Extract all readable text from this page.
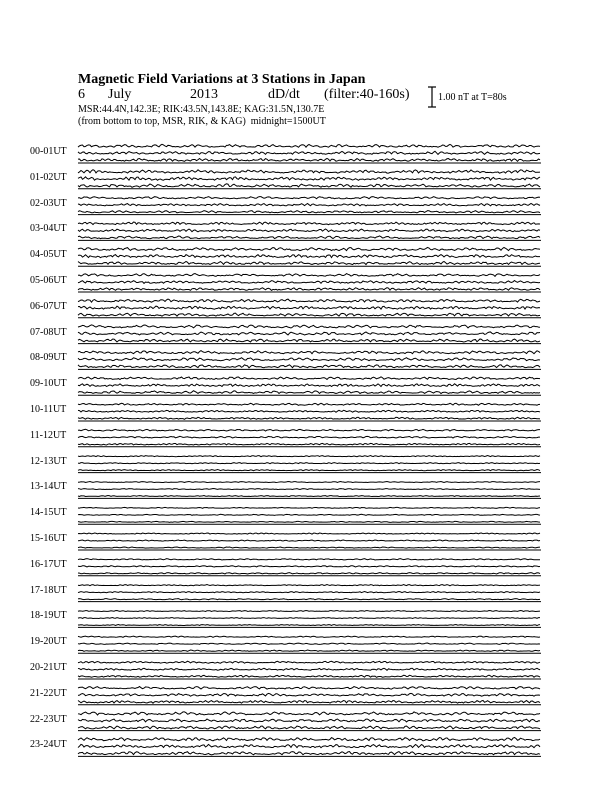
Magnetic Field Variations at 3 Stations in Japan
6	July	2013	dD/dt	(filter:40-160s)
MSR:44.4N,142.3E; RIK:43.5N,143.8E; KAG:31.5N,130.7E
(from bottom to top, MSR, RIK, & KAG) midnight=1500UT
1.00 nT at T=80s
00-01UT
01-02UT
02-03UT
03-04UT
04-05UT
05-06UT
06-07UT
07-08UT
08-09UT
09-10UT
10-11UT
11-12UT
12-13UT
13-14UT
14-15UT
15-16UT
16-17UT
17-18UT
18-19UT
19-20UT
20-21UT
21-22UT
22-23UT
23-24UT
